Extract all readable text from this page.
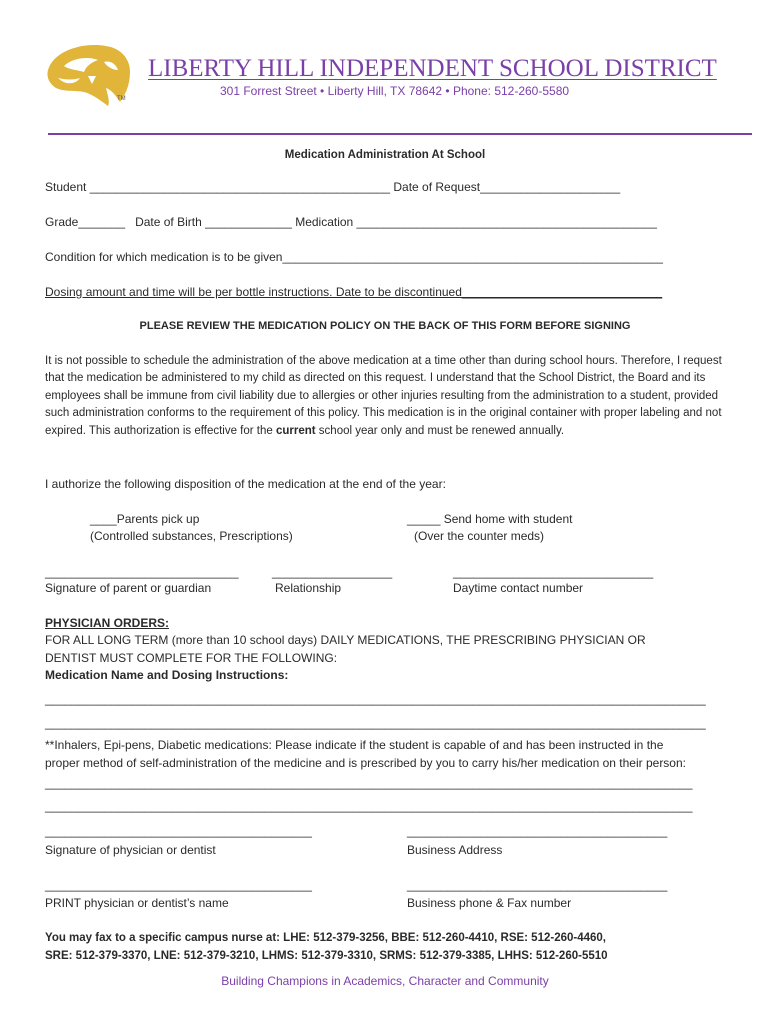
TM
LIBERTY HILL INDEPENDENT SCHOOL DISTRICT
301 Forrest Street • Liberty Hill, TX 78642 • Phone: 512-260-5580
Medication Administration At School
Student _____________________________________________ Date of Request_____________________
Grade_______   Date of Birth _____________ Medication _____________________________________________
Condition for which medication is to be given_________________________________________________________
Dosing amount and time will be per bottle instructions. Date to be discontinued______________________________
PLEASE REVIEW THE MEDICATION POLICY ON THE BACK OF THIS FORM BEFORE SIGNING
It is not possible to schedule the administration of the above medication at a time other than during school hours. Therefore, I request that the medication be administered to my child as directed on this request. I understand that the School District, the Board and its employees shall be immune from civil liability due to allergies or other injuries resulting from the administration to a student, provided such administration conforms to the requirement of this policy. This medication is in the original container with proper labeling and not expired. This authorization is effective for the current school year only and must be renewed annually.
I authorize the following disposition of the medication at the end of the year:
____Parents pick up
(Controlled substances, Prescriptions)
_____ Send home with student
(Over the counter meds)
_____________________________
Signature of parent or guardian
__________________
Relationship
______________________________
Daytime contact number
PHYSICIAN ORDERS:
FOR ALL LONG TERM (more than 10 school days) DAILY MEDICATIONS, THE PRESCRIBING PHYSICIAN OR
DENTIST MUST COMPLETE FOR THE FOLLOWING:
Medication Name and Dosing Instructions:
___________________________________________________________________________________________________
___________________________________________________________________________________________________
**Inhalers, Epi-pens, Diabetic medications: Please indicate if the student is capable of and has been instructed in the
proper method of self-administration of the medicine and is prescribed by you to carry his/her medication on their person:
_________________________________________________________________________________________________
_________________________________________________________________________________________________
________________________________________
Signature of physician or dentist
_______________________________________
Business Address
________________________________________
PRINT physician or dentist’s name
_______________________________________
Business phone & Fax number
You may fax to a specific campus nurse at: LHE: 512-379-3256, BBE: 512-260-4410, RSE: 512-260-4460,
SRE: 512-379-3370, LNE: 512-379-3210, LHMS: 512-379-3310, SRMS: 512-379-3385, LHHS: 512-260-5510
Building Champions in Academics, Character and Community
